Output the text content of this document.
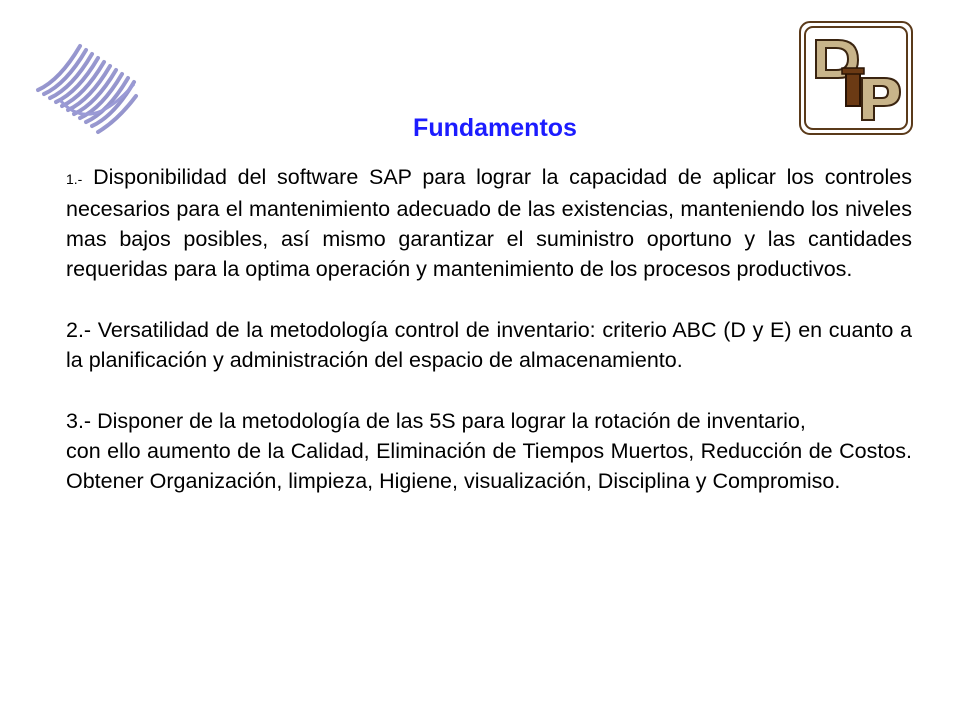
Fundamentos

1.- Disponibilidad del software SAP para lograr la capacidad de aplicar los controles necesarios para el mantenimiento adecuado de las existencias, manteniendo los niveles mas bajos posibles, así mismo garantizar el suministro oportuno y las cantidades requeridas para la optima operación y mantenimiento de los procesos productivos.

2.- Versatilidad de la metodología control de inventario: criterio ABC (D y E) en cuanto a la planificación y administración del espacio de almacenamiento.

3.- Disponer de la metodología de las 5S para lograr la rotación de inventario,

con ello aumento de la Calidad, Eliminación de Tiempos Muertos, Reducción de Costos. Obtener Organización, limpieza, Higiene, visualización, Disciplina y Compromiso.
